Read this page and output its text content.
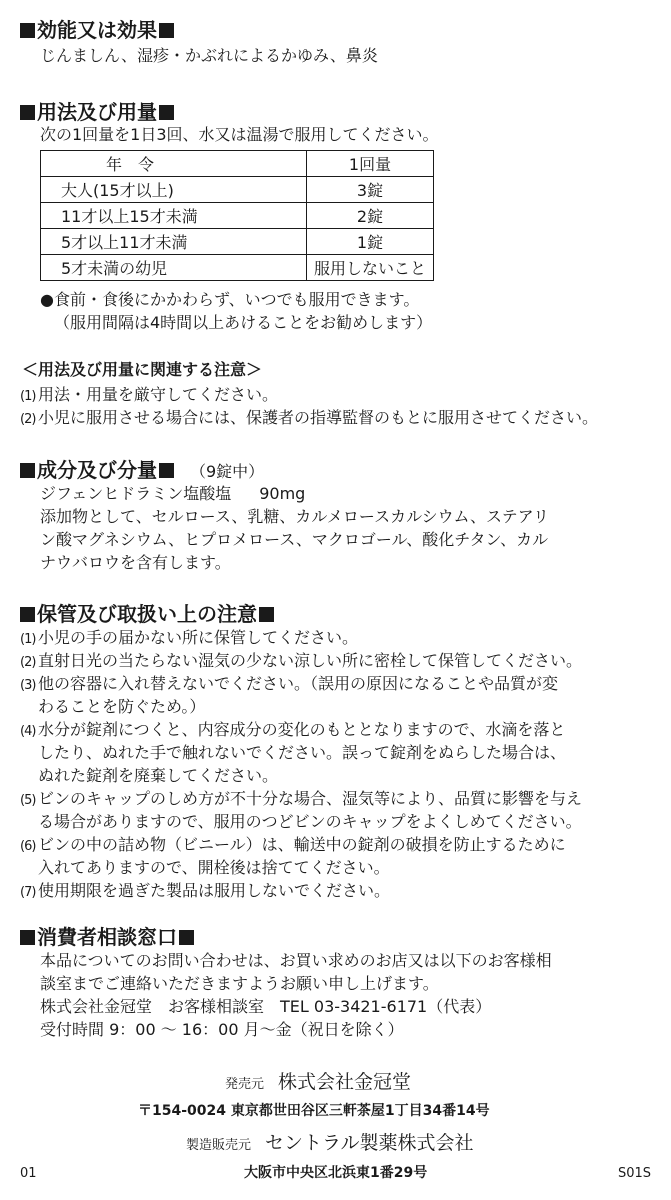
効能又は効果
じんましん、湿疹・かぶれによるかゆみ、鼻炎
用法及び用量
次の1回量を1日3回、水又は温湯で服用してください。
年　令	1回量
大人(15才以上)	3錠
11才以上15才未満	2錠
5才以上11才未満	1錠
5才未満の幼児	服用しないこと
●食前・食後にかかわらず、いつでも服用できます。
（服用間隔は4時間以上あけることをお勧めします）
＜用法及び用量に関連する注意＞
(1) 用法・用量を厳守してください。
(2) 小児に服用させる場合には、保護者の指導監督のもとに服用させてください。
成分及び分量 （9錠中）
ジフェンヒドラミン塩酸塩 90mg
添加物として、セルロース、乳糖、カルメロースカルシウム、ステアリ
ン酸マグネシウム、ヒプロメロース、マクロゴール、酸化チタン、カル
ナウバロウを含有します。
保管及び取扱い上の注意
(1) 小児の手の届かない所に保管してください。
(2) 直射日光の当たらない湿気の少ない涼しい所に密栓して保管してください。
(3) 他の容器に入れ替えないでください。（誤用の原因になることや品質が変
わることを防ぐため。）
(4) 水分が錠剤につくと、内容成分の変化のもととなりますので、水滴を落と
したり、ぬれた手で触れないでください。誤って錠剤をぬらした場合は、
ぬれた錠剤を廃棄してください。
(5) ビンのキャップのしめ方が不十分な場合、湿気等により、品質に影響を与え
る場合がありますので、服用のつどビンのキャップをよくしめてください。
(6) ビンの中の詰め物（ビニール）は、輸送中の錠剤の破損を防止するために
入れてありますので、開栓後は捨ててください。
(7) 使用期限を過ぎた製品は服用しないでください。
消費者相談窓口
本品についてのお問い合わせは、お買い求めのお店又は以下のお客様相
談室までご連絡いただきますようお願い申し上げます。
株式会社金冠堂　お客様相談室　TEL 03-3421-6171（代表）
受付時間 9：00 ～ 16：00 月～金（祝日を除く）
発売元 株式会社金冠堂
〒154-0024 東京都世田谷区三軒茶屋1丁目34番14号
製造販売元 セントラル製薬株式会社
大阪市中央区北浜東1番29号
01	S01S
